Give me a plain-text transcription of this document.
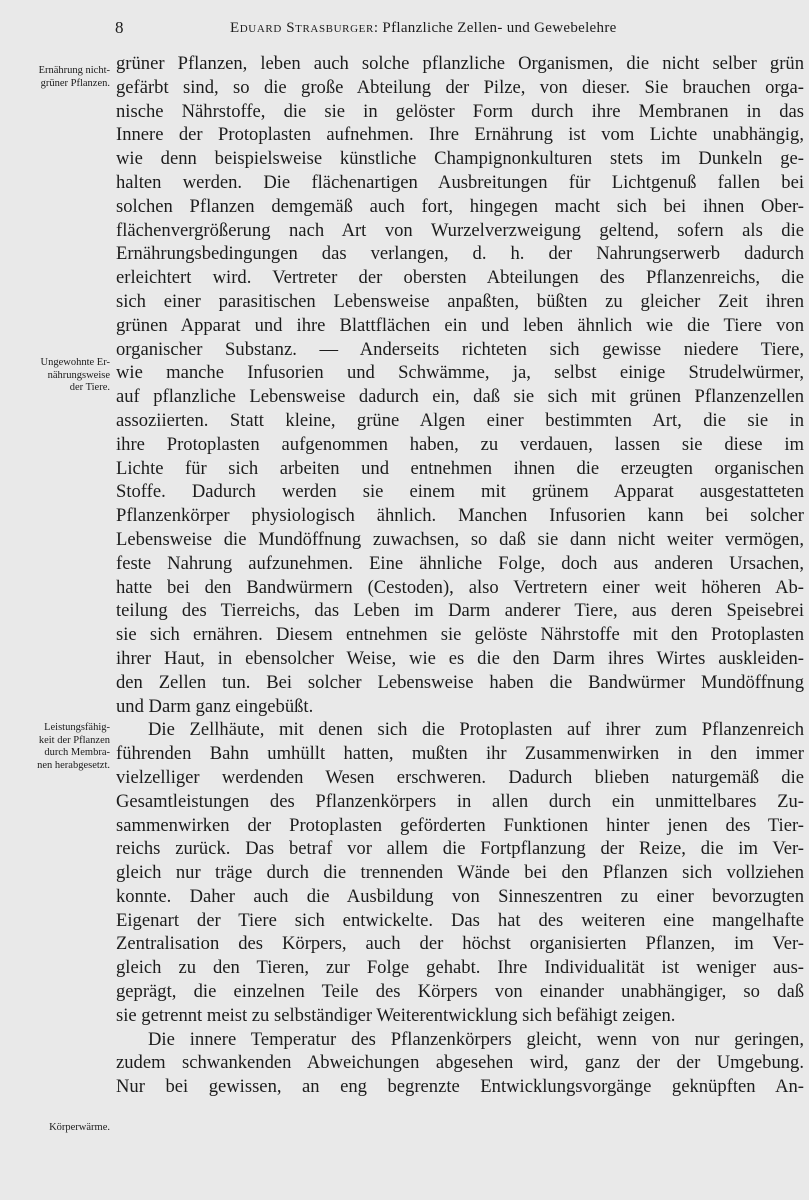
8	Eduard Strasburger: Pflanzliche Zellen- und Gewebelehre
Ernährung nicht-
grüner Pflanzen.
Ungewohnte Er-
nährungsweise
der Tiere.
Leistungsfähig-
keit der Pflanzen
durch Membra-
nen herabgesetzt.
Körperwärme.
grüner Pflanzen, leben auch solche pflanzliche Organismen, die nicht selber grün
gefärbt sind, so die große Abteilung der Pilze, von dieser. Sie brauchen orga-
nische Nährstoffe, die sie in gelöster Form durch ihre Membranen in das
Innere der Protoplasten aufnehmen. Ihre Ernährung ist vom Lichte unabhängig,
wie denn beispielsweise künstliche Champignonkulturen stets im Dunkeln ge-
halten werden. Die flächenartigen Ausbreitungen für Lichtgenuß fallen bei
solchen Pflanzen demgemäß auch fort, hingegen macht sich bei ihnen Ober-
flächenvergrößerung nach Art von Wurzelverzweigung geltend, sofern als die
Ernährungsbedingungen das verlangen, d. h. der Nahrungserwerb dadurch
erleichtert wird. Vertreter der obersten Abteilungen des Pflanzenreichs, die
sich einer parasitischen Lebensweise anpaßten, büßten zu gleicher Zeit ihren
grünen Apparat und ihre Blattflächen ein und leben ähnlich wie die Tiere von
organischer Substanz. — Anderseits richteten sich gewisse niedere Tiere,
wie manche Infusorien und Schwämme, ja, selbst einige Strudelwürmer,
auf pflanzliche Lebensweise dadurch ein, daß sie sich mit grünen Pflanzenzellen
assoziierten. Statt kleine, grüne Algen einer bestimmten Art, die sie in
ihre Protoplasten aufgenommen haben, zu verdauen, lassen sie diese im
Lichte für sich arbeiten und entnehmen ihnen die erzeugten organischen
Stoffe. Dadurch werden sie einem mit grünem Apparat ausgestatteten
Pflanzenkörper physiologisch ähnlich. Manchen Infusorien kann bei solcher
Lebensweise die Mundöffnung zuwachsen, so daß sie dann nicht weiter vermögen,
feste Nahrung aufzunehmen. Eine ähnliche Folge, doch aus anderen Ursachen,
hatte bei den Bandwürmern (Cestoden), also Vertretern einer weit höheren Ab-
teilung des Tierreichs, das Leben im Darm anderer Tiere, aus deren Speisebrei
sie sich ernähren. Diesem entnehmen sie gelöste Nährstoffe mit den Protoplasten
ihrer Haut, in ebensolcher Weise, wie es die den Darm ihres Wirtes auskleiden-
den Zellen tun. Bei solcher Lebensweise haben die Bandwürmer Mundöffnung
und Darm ganz eingebüßt.
Die Zellhäute, mit denen sich die Protoplasten auf ihrer zum Pflanzenreich
führenden Bahn umhüllt hatten, mußten ihr Zusammenwirken in den immer
vielzelliger werdenden Wesen erschweren. Dadurch blieben naturgemäß die
Gesamtleistungen des Pflanzenkörpers in allen durch ein unmittelbares Zu-
sammenwirken der Protoplasten geförderten Funktionen hinter jenen des Tier-
reichs zurück. Das betraf vor allem die Fortpflanzung der Reize, die im Ver-
gleich nur träge durch die trennenden Wände bei den Pflanzen sich vollziehen
konnte. Daher auch die Ausbildung von Sinneszentren zu einer bevorzugten
Eigenart der Tiere sich entwickelte. Das hat des weiteren eine mangelhafte
Zentralisation des Körpers, auch der höchst organisierten Pflanzen, im Ver-
gleich zu den Tieren, zur Folge gehabt. Ihre Individualität ist weniger aus-
geprägt, die einzelnen Teile des Körpers von einander unabhängiger, so daß
sie getrennt meist zu selbständiger Weiterentwicklung sich befähigt zeigen.
Die innere Temperatur des Pflanzenkörpers gleicht, wenn von nur geringen,
zudem schwankenden Abweichungen abgesehen wird, ganz der der Umgebung.
Nur bei gewissen, an eng begrenzte Entwicklungsvorgänge geknüpften An-
